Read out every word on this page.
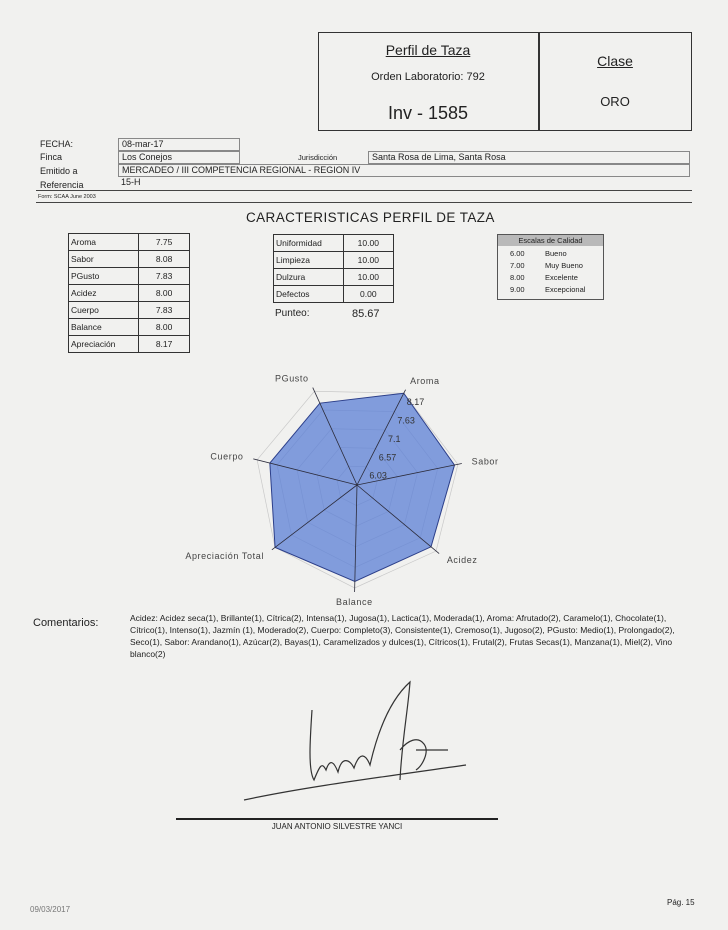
Perfil de Taza
Orden Laboratorio: 792
Inv - 1585
Clase
ORO
FECHA:	08-mar-17
Finca	Los Conejos	Jurisdicción	Santa Rosa de Lima, Santa Rosa
Emitido a	MERCADEO / III COMPETENCIA REGIONAL - REGION IV
Referencia	15-H
Form: SCAA June 2003
CARACTERISTICAS PERFIL DE TAZA
Aroma	7.75
Sabor	8.08
PGusto	7.83
Acidez	8.00
Cuerpo	7.83
Balance	8.00
Apreciación	8.17
Uniformidad	10.00
Limpieza	10.00
Dulzura	10.00
Defectos	0.00
Punteo:	85.67
Escalas de Calidad
6.00	Bueno
7.00	Muy Bueno
8.00	Excelente
9.00	Excepcional
Aroma
Sabor
Acidez
Balance
Apreciación Total
Cuerpo
PGusto
8.17
7.63
7.1
6.57
6.03
Comentarios:	Acidez: Acidez seca(1), Brillante(1), Cítrica(2), Intensa(1), Jugosa(1), Lactica(1), Moderada(1), Aroma: Afrutado(2), Caramelo(1), Chocolate(1), Cítrico(1), Intenso(1), Jazmín (1), Moderado(2), Cuerpo: Completo(3), Consistente(1), Cremoso(1), Jugoso(2), PGusto: Medio(1), Prolongado(2), Seco(1), Sabor: Arandano(1), Azúcar(2), Bayas(1), Caramelizados y dulces(1), Cítricos(1), Frutal(2), Frutas Secas(1), Manzana(1), Miel(2), Vino blanco(2)
JUAN ANTONIO SILVESTRE YANCI
Pág. 15
09/03/2017
